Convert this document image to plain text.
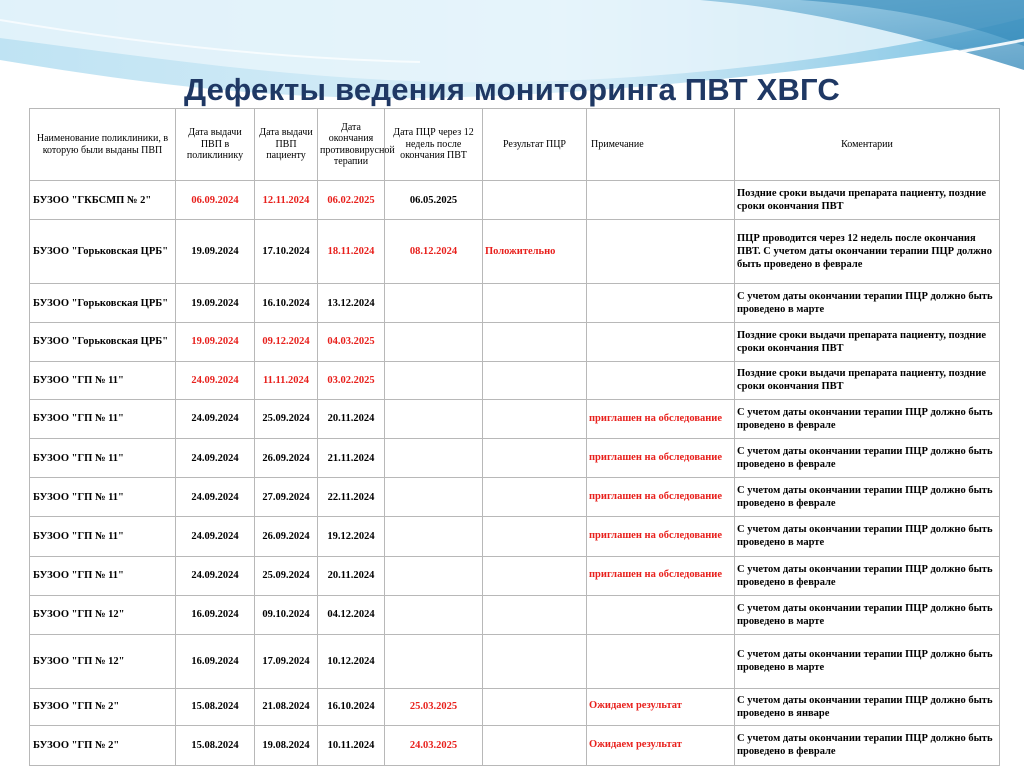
Дефекты ведения мониторинга ПВТ ХВГС
Наименование поликлиники, в которую были выданы ПВП	Дата выдачи ПВП в поликлинику	Дата выдачи ПВП пациенту	Дата окончания противовирусной терапии	Дата ПЦР через 12 недель после окончания ПВТ	Результат ПЦР	Примечание	Коментарии
БУЗОО "ГКБСМП № 2"	06.09.2024	12.11.2024	06.02.2025	06.05.2025			Поздние сроки выдачи препарата пациенту, поздние сроки окончания ПВТ
БУЗОО "Горьковская ЦРБ"	19.09.2024	17.10.2024	18.11.2024	08.12.2024	Положительно		ПЦР проводится через 12 недель после окончания ПВТ. С учетом даты окончании терапии ПЦР должно быть проведено в феврале
БУЗОО "Горьковская ЦРБ"	19.09.2024	16.10.2024	13.12.2024				С учетом даты окончании терапии ПЦР должно быть проведено в марте
БУЗОО "Горьковская ЦРБ"	19.09.2024	09.12.2024	04.03.2025				Поздние сроки выдачи препарата пациенту, поздние сроки окончания ПВТ
БУЗОО "ГП № 11"	24.09.2024	11.11.2024	03.02.2025				Поздние сроки выдачи препарата пациенту, поздние сроки окончания ПВТ
БУЗОО "ГП № 11"	24.09.2024	25.09.2024	20.11.2024			приглашен на обследование	С учетом даты окончании терапии ПЦР должно быть проведено в феврале
БУЗОО "ГП № 11"	24.09.2024	26.09.2024	21.11.2024			приглашен на обследование	С учетом даты окончании терапии ПЦР должно быть проведено в феврале
БУЗОО "ГП № 11"	24.09.2024	27.09.2024	22.11.2024			приглашен на обследование	С учетом даты окончании терапии ПЦР должно быть проведено в феврале
БУЗОО "ГП № 11"	24.09.2024	26.09.2024	19.12.2024			приглашен на обследование	С учетом даты окончании терапии ПЦР должно быть проведено в марте
БУЗОО "ГП № 11"	24.09.2024	25.09.2024	20.11.2024			приглашен на обследование	С учетом даты окончании терапии ПЦР должно быть проведено в феврале
БУЗОО "ГП № 12"	16.09.2024	09.10.2024	04.12.2024				С учетом даты окончании терапии ПЦР должно быть проведено в марте
БУЗОО "ГП № 12"	16.09.2024	17.09.2024	10.12.2024				С учетом даты окончании терапии ПЦР должно быть проведено в марте
БУЗОО "ГП № 2"	15.08.2024	21.08.2024	16.10.2024	25.03.2025		Ожидаем результат	С учетом даты окончании терапии ПЦР должно быть проведено в январе
БУЗОО "ГП № 2"	15.08.2024	19.08.2024	10.11.2024	24.03.2025		Ожидаем результат	С учетом даты окончании терапии ПЦР должно быть проведено в феврале
